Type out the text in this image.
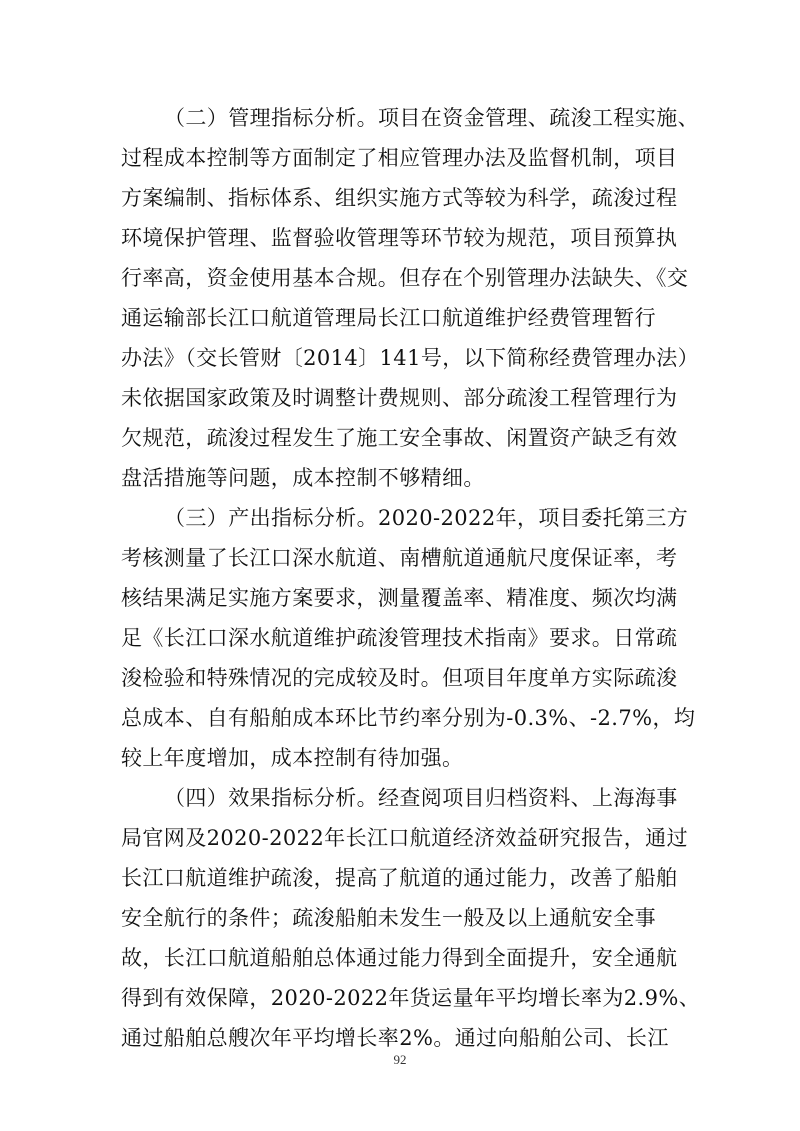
（二）管理指标分析。项目在资金管理、疏浚工程实施、
过程成本控制等方面制定了相应管理办法及监督机制，项目
方案编制、指标体系、组织实施方式等较为科学，疏浚过程
环境保护管理、监督验收管理等环节较为规范，项目预算执
行率高，资金使用基本合规。但存在个别管理办法缺失、《交
通运输部长江口航道管理局长江口航道维护经费管理暂行
办法》（交长管财〔2014〕141号，以下简称经费管理办法）
未依据国家政策及时调整计费规则、部分疏浚工程管理行为
欠规范，疏浚过程发生了施工安全事故、闲置资产缺乏有效
盘活措施等问题，成本控制不够精细。
（三）产出指标分析。2020-2022年，项目委托第三方
考核测量了长江口深水航道、南槽航道通航尺度保证率，考
核结果满足实施方案要求，测量覆盖率、精准度、频次均满
足《长江口深水航道维护疏浚管理技术指南》要求。日常疏
浚检验和特殊情况的完成较及时。但项目年度单方实际疏浚
总成本、自有船舶成本环比节约率分别为-0.3%、-2.7%，均
较上年度增加，成本控制有待加强。
（四）效果指标分析。经查阅项目归档资料、上海海事
局官网及2020-2022年长江口航道经济效益研究报告，通过
长江口航道维护疏浚，提高了航道的通过能力，改善了船舶
安全航行的条件；疏浚船舶未发生一般及以上通航安全事
故，长江口航道船舶总体通过能力得到全面提升，安全通航
得到有效保障，2020-2022年货运量年平均增长率为2.9%、
通过船舶总艘次年平均增长率2%。通过向船舶公司、长江
92
